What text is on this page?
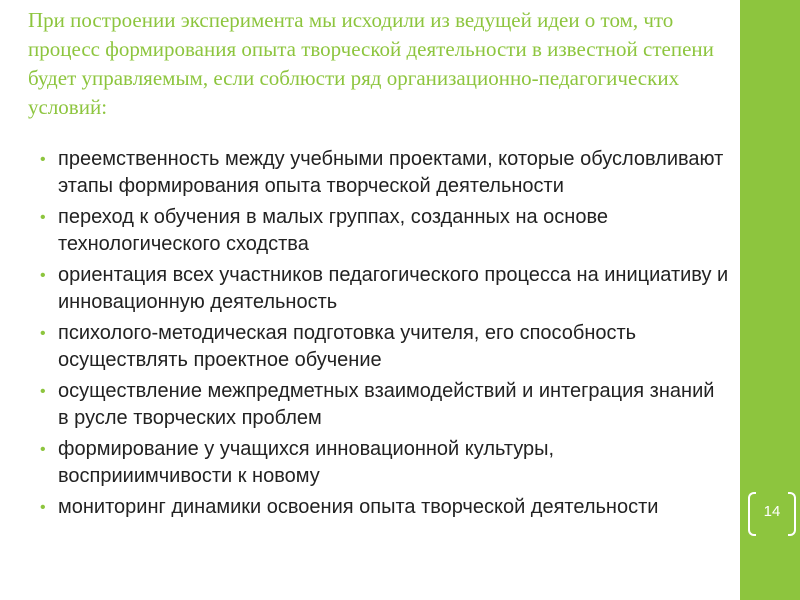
При построении эксперимента мы исходили из ведущей идеи о том, что процесс формирования опыта творческой деятельности в известной степени будет управляемым, если соблюсти ряд организационно-педагогических условий:

• преемственность между учебными проектами, которые обусловливают этапы формирования опыта творческой деятельности
• переход к обучения в малых группах, созданных на основе технологического сходства
• ориентация всех участников педагогического процесса на инициативу и инновационную деятельность
• психолого-методическая подготовка учителя, его способность осуществлять проектное обучение
• осуществление межпредметных взаимодействий и интеграция знаний в русле творческих проблем
• формирование у учащихся инновационной культуры, восприиимчивости к новому
• мониторинг динамики освоения опыта творческой деятельности	14
